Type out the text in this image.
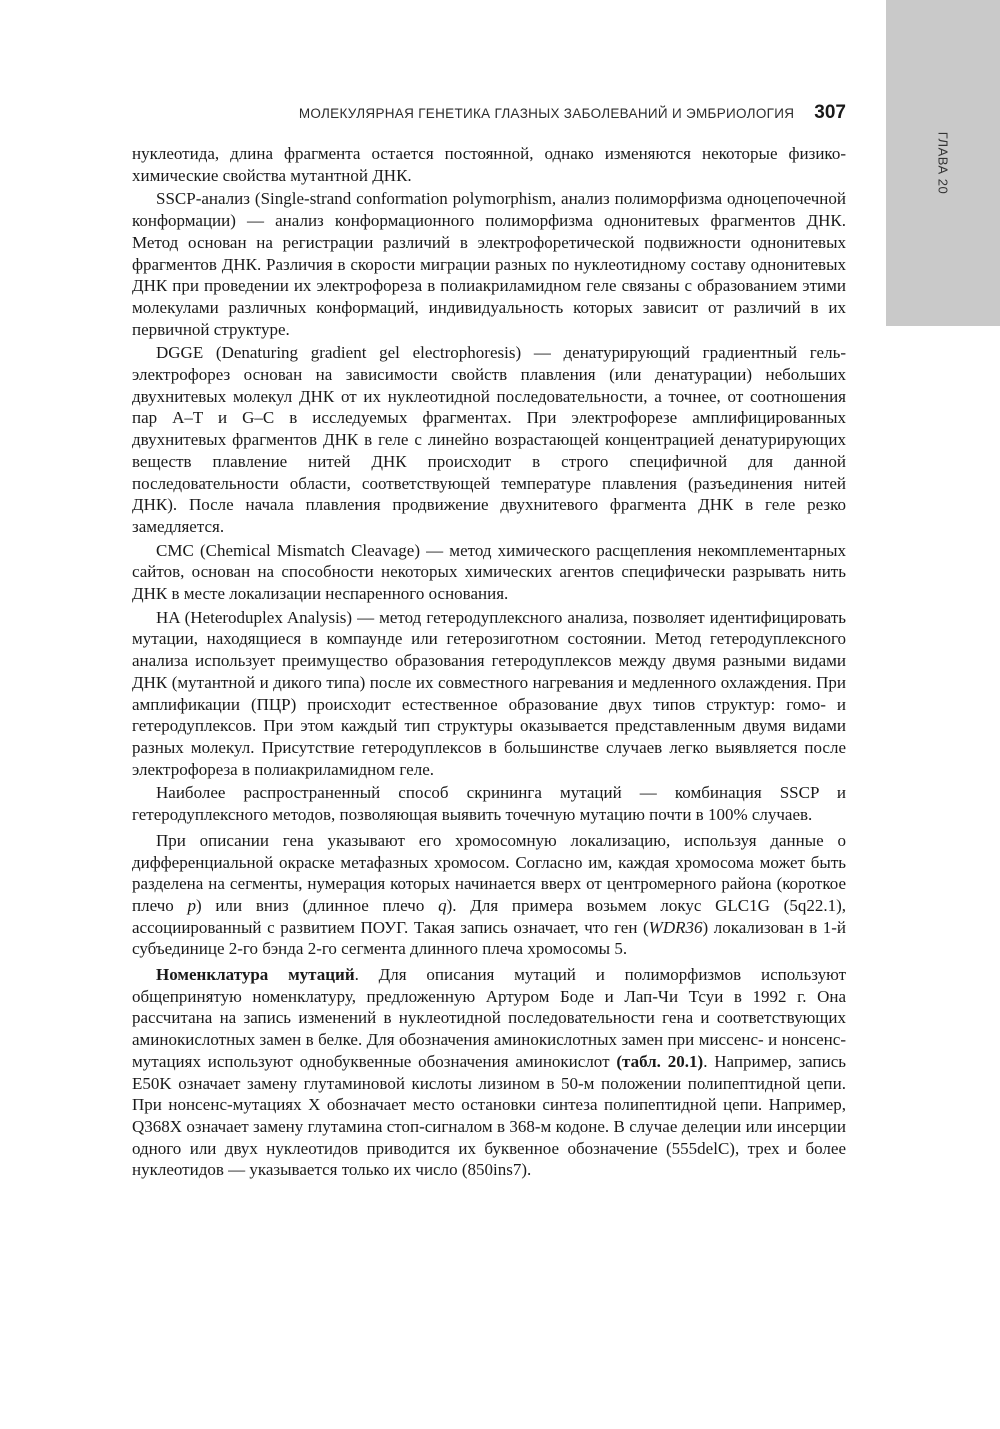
ГЛАВА 20
МОЛЕКУЛЯРНАЯ ГЕНЕТИКА ГЛАЗНЫХ ЗАБОЛЕВАНИЙ И ЭМБРИОЛОГИЯ 307

нуклеотида, длина фрагмента остается постоянной, однако изменяются некоторые физико-химические свойства мутантной ДНК.

SSCP-анализ (Single-strand conformation polymorphism, анализ полиморфизма одноцепочечной конформации) — анализ конформационного полиморфизма однонитевых фрагментов ДНК. Метод основан на регистрации различий в электрофоретической подвижности однонитевых фрагментов ДНК. Различия в скорости миграции разных по нуклеотидному составу однонитевых ДНК при проведении их электрофореза в полиакриламидном геле связаны с образованием этими молекулами различных конформаций, индивидуальность которых зависит от различий в их первичной структуре.

DGGE (Denaturing gradient gel electrophoresis) — денатурирующий градиентный гель-электрофорез основан на зависимости свойств плавления (или денатурации) небольших двухнитевых молекул ДНК от их нуклеотидной последовательности, а точнее, от соотношения пар A–T и G–C в исследуемых фрагментах. При электрофорезе амплифицированных двухнитевых фрагментов ДНК в геле с линейно возрастающей концентрацией денатурирующих веществ плавление нитей ДНК происходит в строго специфичной для данной последовательности области, соответствующей температуре плавления (разъединения нитей ДНК). После начала плавления продвижение двухнитевого фрагмента ДНК в геле резко замедляется.

CMC (Chemical Mismatch Cleavage) — метод химического расщепления некомплементарных сайтов, основан на способности некоторых химических агентов специфически разрывать нить ДНК в месте локализации неспаренного основания.

HA (Heteroduplex Analysis) — метод гетеродуплексного анализа, позволяет идентифицировать мутации, находящиеся в компаунде или гетерозиготном состоянии. Метод гетеродуплексного анализа использует преимущество образования гетеродуплексов между двумя разными видами ДНК (мутантной и дикого типа) после их совместного нагревания и медленного охлаждения. При амплификации (ПЦР) происходит естественное образование двух типов структур: гомо- и гетеродуплексов. При этом каждый тип структуры оказывается представленным двумя видами разных молекул. Присутствие гетеродуплексов в большинстве случаев легко выявляется после электрофореза в полиакриламидном геле.

Наиболее распространенный способ скрининга мутаций — комбинация SSCP и гетеродуплексного методов, позволяющая выявить точечную мутацию почти в 100% случаев.

При описании гена указывают его хромосомную локализацию, используя данные о дифференциальной окраске метафазных хромосом. Согласно им, каждая хромосома может быть разделена на сегменты, нумерация которых начинается вверх от центромерного района (короткое плечо p) или вниз (длинное плечо q). Для примера возьмем локус GLC1G (5q22.1), ассоциированный с развитием ПОУГ. Такая запись означает, что ген (WDR36) локализован в 1-й субъединице 2-го бэнда 2-го сегмента длинного плеча хромосомы 5.

Номенклатура мутаций. Для описания мутаций и полиморфизмов используют общепринятую номенклатуру, предложенную Артуром Боде и Лап-Чи Тсуи в 1992 г. Она рассчитана на запись изменений в нуклеотидной последовательности гена и соответствующих аминокислотных замен в белке. Для обозначения аминокислотных замен при миссенс- и нонсенс-мутациях используют однобуквенные обозначения аминокислот (табл. 20.1). Например, запись E50K означает замену глутаминовой кислоты лизином в 50-м положении полипептидной цепи. При нонсенс-мутациях X обозначает место остановки синтеза полипептидной цепи. Например, Q368X означает замену глутамина стоп-сигналом в 368-м кодоне. В случае делеции или инсерции одного или двух нуклеотидов приводится их буквенное обозначение (555delC), трех и более нуклеотидов — указывается только их число (850ins7).
